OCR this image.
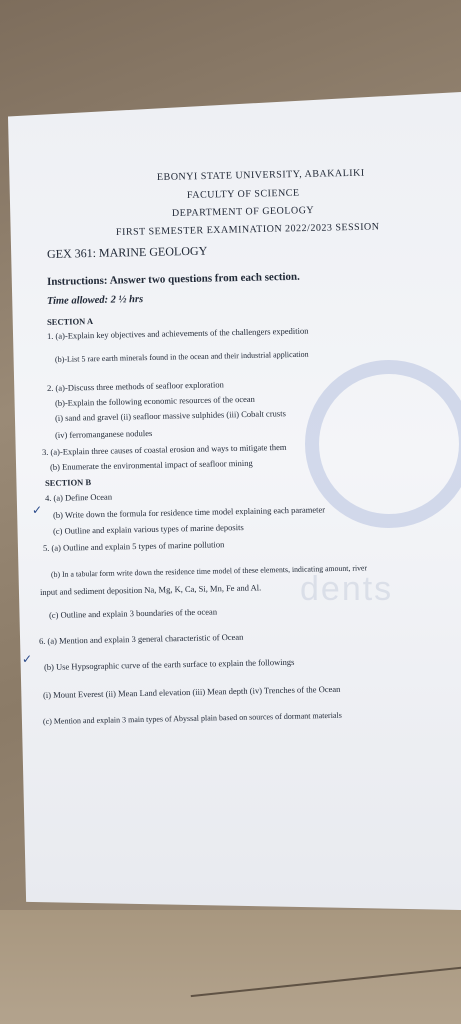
dents
EBONYI STATE UNIVERSITY, ABAKALIKI
FACULTY OF SCIENCE
DEPARTMENT OF GEOLOGY
FIRST SEMESTER EXAMINATION 2022/2023 SESSION
GEX 361: MARINE GEOLOGY
Instructions: Answer two questions from each section.
Time allowed: 2 ½ hrs
SECTION A
1. (a)-Explain key objectives and achievements of the challengers expedition
(b)-List 5 rare earth minerals found in the ocean and their industrial application
2. (a)-Discuss three methods of seafloor exploration
(b)-Explain the following economic resources of the ocean
(i) sand and gravel (ii) seafloor massive sulphides (iii) Cobalt crusts
(iv) ferromanganese nodules
3. (a)-Explain three causes of coastal erosion and ways to mitigate them
(b) Enumerate the environmental impact of seafloor mining
SECTION B
4. (a) Define Ocean
(b) Write down the formula for residence time model explaining each parameter
(c) Outline and explain various types of marine deposits
5. (a) Outline and explain 5 types of marine pollution
(b) In a tabular form write down the residence time model of these elements, indicating amount, river
input and sediment deposition Na, Mg, K, Ca, Si, Mn, Fe and Al.
(c) Outline and explain 3 boundaries of the ocean
6. (a) Mention and explain 3 general characteristic of Ocean
(b) Use Hypsographic curve of the earth surface to explain the followings
(i) Mount Everest (ii) Mean Land elevation (iii) Mean depth (iv) Trenches of the Ocean
(c) Mention and explain 3 main types of Abyssal plain based on sources of dormant materials
✓
✓
